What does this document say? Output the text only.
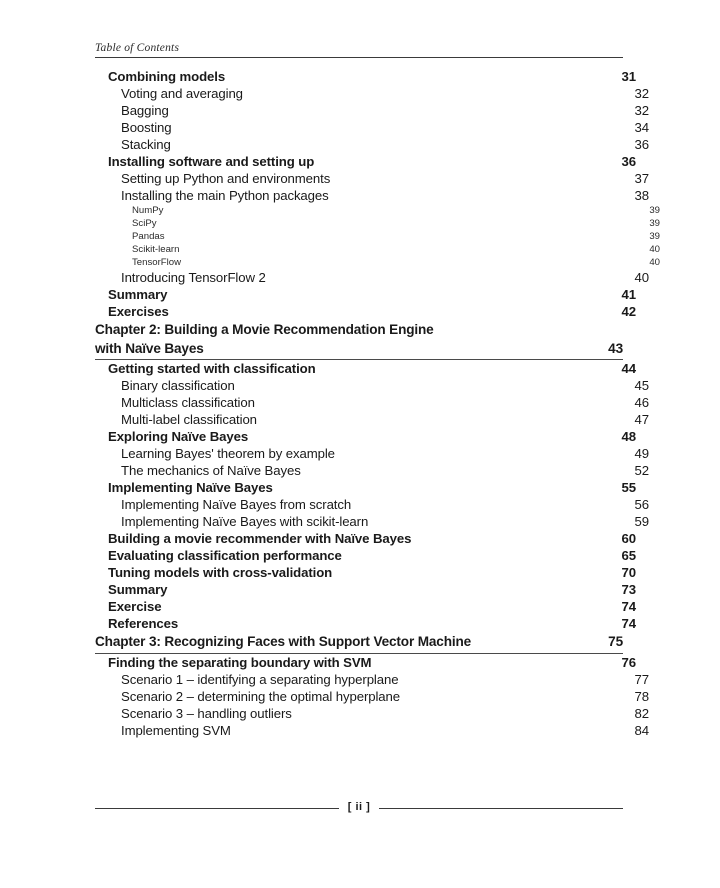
Table of Contents
Combining models	31
Voting and averaging	32
Bagging	32
Boosting	34
Stacking	36
Installing software and setting up	36
Setting up Python and environments	37
Installing the main Python packages	38
NumPy	39
SciPy	39
Pandas	39
Scikit-learn	40
TensorFlow	40
Introducing TensorFlow 2	40
Summary	41
Exercises	42
Chapter 2: Building a Movie Recommendation Engine
with Naïve Bayes	43
Getting started with classification	44
Binary classification	45
Multiclass classification	46
Multi-label classification	47
Exploring Naïve Bayes	48
Learning Bayes' theorem by example	49
The mechanics of Naïve Bayes	52
Implementing Naïve Bayes	55
Implementing Naïve Bayes from scratch	56
Implementing Naïve Bayes with scikit-learn	59
Building a movie recommender with Naïve Bayes	60
Evaluating classification performance	65
Tuning models with cross-validation	70
Summary	73
Exercise	74
References	74
Chapter 3: Recognizing Faces with Support Vector Machine	75
Finding the separating boundary with SVM	76
Scenario 1 – identifying a separating hyperplane	77
Scenario 2 – determining the optimal hyperplane	78
Scenario 3 – handling outliers	82
Implementing SVM	84
[ ii ]
